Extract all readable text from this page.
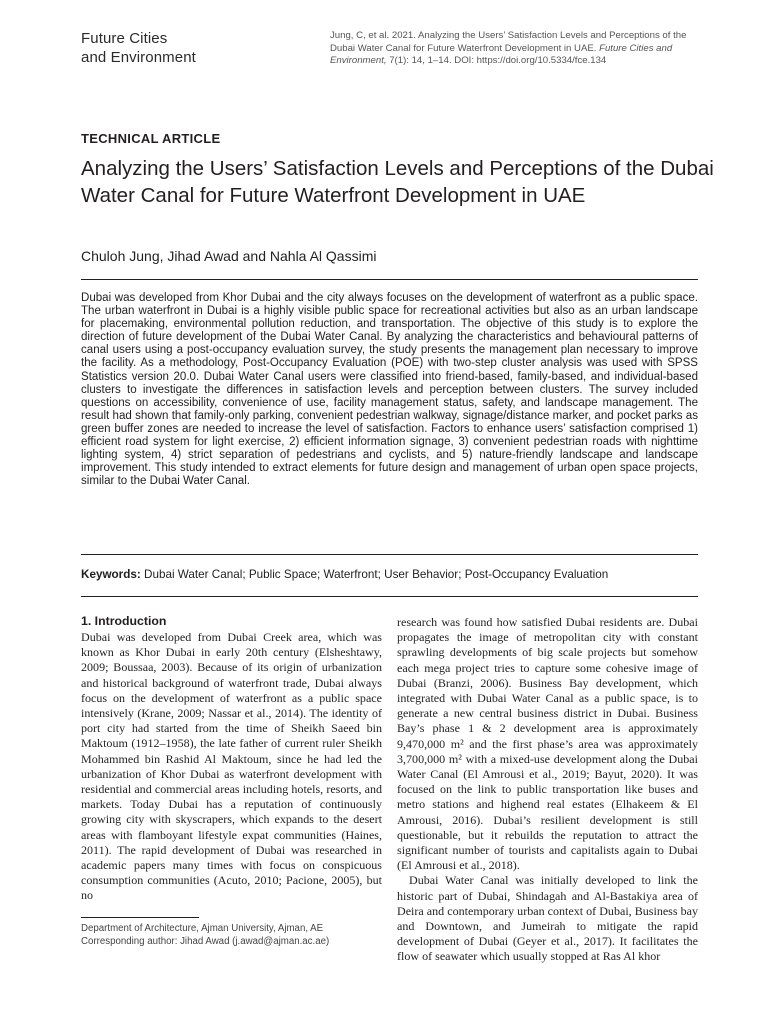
Future Cities
and Environment
Jung, C, et al. 2021. Analyzing the Users’ Satisfaction Levels and Perceptions of the Dubai Water Canal for Future Waterfront Development in UAE. Future Cities and Environment, 7(1): 14, 1–14. DOI: https://doi.org/10.5334/fce.134
TECHNICAL ARTICLE
Analyzing the Users’ Satisfaction Levels and Perceptions of the Dubai Water Canal for Future Waterfront Development in UAE
Chuloh Jung, Jihad Awad and Nahla Al Qassimi
Dubai was developed from Khor Dubai and the city always focuses on the development of waterfront as a public space. The urban waterfront in Dubai is a highly visible public space for recreational activities but also as an urban landscape for placemaking, environmental pollution reduction, and transportation. The objective of this study is to explore the direction of future development of the Dubai Water Canal. By analyzing the characteristics and behavioural patterns of canal users using a post-occupancy evaluation survey, the study presents the management plan necessary to improve the facility. As a methodology, Post-Occupancy Evaluation (POE) with two-step cluster analysis was used with SPSS Statistics version 20.0. Dubai Water Canal users were classified into friend-based, family-based, and individual-based clusters to investigate the differences in satisfaction levels and perception between clusters. The survey included questions on accessibility, convenience of use, facility management status, safety, and landscape management. The result had shown that family-only parking, convenient pedestrian walkway, signage/distance marker, and pocket parks as green buffer zones are needed to increase the level of satisfaction. Factors to enhance users’ satisfaction comprised 1) efficient road system for light exercise, 2) efficient information signage, 3) convenient pedestrian roads with nighttime lighting system, 4) strict separation of pedestrians and cyclists, and 5) nature-friendly landscape and landscape improvement. This study intended to extract elements for future design and management of urban open space projects, similar to the Dubai Water Canal.
Keywords: Dubai Water Canal; Public Space; Waterfront; User Behavior; Post-Occupancy Evaluation
1. Introduction

Dubai was developed from Dubai Creek area, which was known as Khor Dubai in early 20th century (Elsheshtawy, 2009; Boussaa, 2003). Because of its origin of urbanization and historical background of waterfront trade, Dubai always focus on the development of waterfront as a public space intensively (Krane, 2009; Nassar et al., 2014). The identity of port city had started from the time of Sheikh Saeed bin Maktoum (1912–1958), the late father of current ruler Sheikh Mohammed bin Rashid Al Maktoum, since he had led the urbanization of Khor Dubai as waterfront development with residential and commercial areas including hotels, resorts, and markets. Today Dubai has a reputation of continuously growing city with skyscrapers, which expands to the desert areas with flamboyant lifestyle expat communities (Haines, 2011). The rapid development of Dubai was researched in academic papers many times with focus on conspicuous consumption communities (Acuto, 2010; Pacione, 2005), but no

research was found how satisfied Dubai residents are. Dubai propagates the image of metropolitan city with constant sprawling developments of big scale projects but somehow each mega project tries to capture some cohesive image of Dubai (Branzi, 2006). Business Bay development, which integrated with Dubai Water Canal as a public space, is to generate a new central business district in Dubai. Business Bay’s phase 1 & 2 development area is approximately 9,470,000 m² and the first phase’s area was approximately 3,700,000 m² with a mixed-use development along the Dubai Water Canal (El Amrousi et al., 2019; Bayut, 2020). It was focused on the link to public transportation like buses and metro stations and highend real estates (Elhakeem & El Amrousi, 2016). Dubai’s resilient development is still questionable, but it rebuilds the reputation to attract the significant number of tourists and capitalists again to Dubai (El Amrousi et al., 2018).

Dubai Water Canal was initially developed to link the historic part of Dubai, Shindagah and Al-Bastakiya area of Deira and contemporary urban context of Dubai, Business bay and Downtown, and Jumeirah to mitigate the rapid development of Dubai (Geyer et al., 2017). It facilitates the flow of seawater which usually stopped at Ras Al khor

Department of Architecture, Ajman University, Ajman, AE
Corresponding author: Jihad Awad (j.awad@ajman.ac.ae)
